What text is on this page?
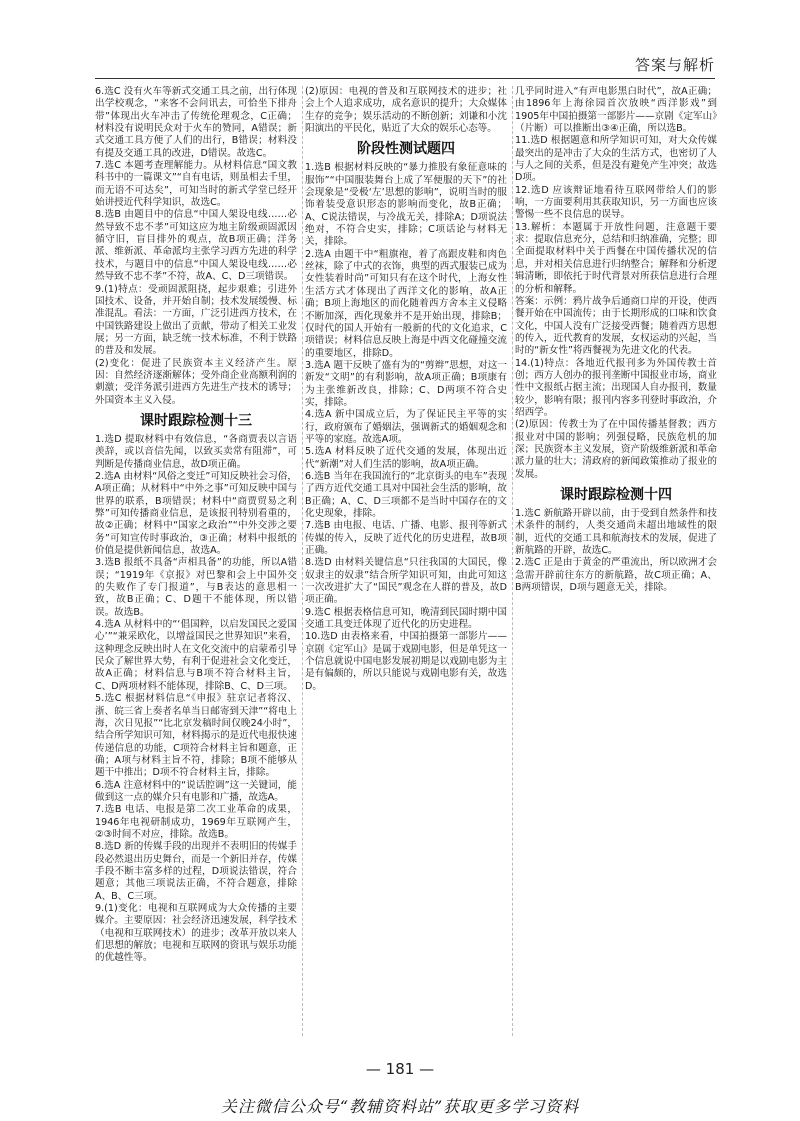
答案与解析

6.选C 没有火车等新式交通工具之前，出行体现出学校观念，“来客不会问讯去，可恰坐下排舟带”体现出火车冲击了传统伦理观念，C正确；材料没有说明民众对于火车的赞同，A错误；新式交通工具方便了人们的出行，B错误；材料没有提及交通工具的改进，D错误。故选C。

7.选C 本题考查理解能力。从材料信息“国文教科书中的一篇课文”“自有电话，则虽相去千里，而无语不可达矣”，可知当时的新式学堂已经开始讲授近代科学知识，故选C。

8.选B 由题目中的信息“中国人架设电线……必然导致不忠不孝”可知这应为地主阶级顽固派因循守旧，盲目排外的观点，故B项正确；洋务派、维新派、革命派均主张学习西方先进的科学技术，与题目中的信息“中国人架设电线……必然导致不忠不孝”不符，故A、C、D三项错误。

9.(1)特点：受顽固派阻挠，起步艰难；引进外国技术、设备，并开始自制；技术发展缓慢、标准混乱。看法：一方面，广泛引进西方技术，在中国铁路建设上做出了贡献，带动了相关工业发展；另一方面，缺乏统一技术标准，不利于铁路的普及和发展。

(2)变化：促进了民族资本主义经济产生。原因：自然经济逐渐解体；受外商企业高额利润的刺激；受洋务派引进西方先进生产技术的诱导；外国资本主义入侵。

课时跟踪检测十三

1.选D 提取材料中有效信息，“各商贾表以言语羡辞，或以音信先闻，以致买卖常有阻滞”，可判断是传播商业信息，故D项正确。

2.选A 由材料“风俗之变迁”可知反映社会习俗，A项正确；从材料中“中外之事”可知反映中国与世界的联系，B项错误；材料中“商贾贸易之利弊”可知传播商业信息，是该报刊特别看重的，故②正确；材料中“国家之政治”“中外交涉之要务”可知宣传时事政治，③正确；材料中报纸的价值是提供新闻信息，故选A。

3.选B 报纸不具备“声相具备”的功能，所以A错误；“1919年《京报》对巴黎和会上中国外交的失败作了专门报道”，与B表达的意思相一致，故B正确；C、D题干不能体现，所以错误。故选B。

4.选A 从材料中的“‘倡国粹，以启发国民之爱国心’”“兼采欧化，以增益国民之世界知识”来看，这种理念反映出时人在文化交流中的启蒙希引导民众了解世界大势，有利于促进社会文化变迁，故A正确；材料信息与B项不符合材料主旨，C、D两项材料不能体现，排除B、C、D三项。

5.选C 根据材料信息“《申报》驻京记者将汉、浙、皖三省上奏者名单当日邮寄到天津”“将电上海，次日见报”“比北京发稿时间仅晚24小时”，结合所学知识可知，材料揭示的是近代电报快速传递信息的功能，C项符合材料主旨和题意，正确；A项与材料主旨不符，排除；B项不能够从题干中推出；D项不符合材料主旨，排除。

6.选A 注意材料中的“说话腔调”这一关键词，能做到这一点的媒介只有电影和广播，故选A。

7.选B 电话、电报是第二次工业革命的成果，1946年电视研制成功，1969年互联网产生，②③时间不对应，排除。故选B。

8.选D 新的传媒手段的出现并不表明旧的传媒手段必然退出历史舞台，而是一个新旧并存，传媒手段不断丰富多样的过程，D项说法错误，符合题意；其他三项说法正确，不符合题意，排除A、B、C三项。

9.(1)变化：电视和互联网成为大众传播的主要媒介。主要原因：社会经济迅速发展，科学技术（电视和互联网技术）的进步；改革开放以来人们思想的解放；电视和互联网的资讯与娱乐功能的优越性等。

(2)原因：电视的普及和互联网技术的进步；社会上个人追求成功，成名意识的提升；大众媒体生存的竞争；娱乐活动的不断创新；刘谦和小沈阳演出的平民化，贴近了大众的娱乐心态等。

阶段性测试题四

1.选B 根据材料反映的“暴力推股有象征意味的服饰”“中国服装舞台上成了军便服的天下”的社会现象是“受极‘左’思想的影响”，说明当时的服饰着装受意识形态的影响而变化，故B正确；A、C说法错误，与冷战无关，排除A；D项说法绝对，不符合史实，排除；C项话论与材料无关，排除。

2.选A 由题干中“粗旗袍，着了高跟皮鞋和肉色丝袜，除了中式的衣饰，典型的西式服装已成为女性装着时尚”可知只有在这个时代，上海女性生活方式才体现出了西洋文化的影响，故A正确；B项上海地区的而化随着西方舍本主义侵略不断加深，西化现象并不是开始出现，排除B；仅时代的国人开始有一般新的代的文化追求，C项错误；材料信息反映上海是中西文化碰撞交流的重要地区，排除D。

3.选A 题干反映了盛有为的“剪辫”思想，对这一新发“文明”的有利影响，故A项正确；B项康有为主张维新改良，排除；C、D两项不符合史实，排除。

4.选A 新中国成立后，为了保证民主平等的实行，政府颁布了婚姻法，强调新式的婚姻观念和平等的家庭。故选A项。

5.选A 材料反映了近代交通的发展，体现出近代“新潮”对人们生活的影响，故A项正确。

6.选B 当年在我国流行的“北京街头的电车”表现了西方近代交通工具对中国社会生活的影响，故B正确；A、C、D三项都不是当时中国存在的文化史现象，排除。

7.选B 由电报、电话、广播、电影、报刊等新式传媒的传入，反映了近代化的历史进程，故B项正确。

8.选D 由材料关键信息“只往我国的大国民，像奴隶主的奴隶”结合所学知识可知，由此可知这一次改进扩大了“国民”观念在人群的普及，故D项正确。

9.选C 根据表格信息可知，晚清到民国时期中国交通工具变迁体现了近代化的历史进程。

10.选D 由表格来看，中国拍摄第一部影片——京剧《定军山》是属于戏剧电影，但是单凭这一个信息就说中国电影发展初期是以戏剧电影为主是有偏颇的，所以只能说与戏剧电影有关，故选D。

几乎同时进入“有声电影黑白时代”，故A正确；由1896年上海徐园首次放映“西洋影戏”到1905年中国拍摄第一部影片——京剧《定军山》（片断）可以推断出③④正确，所以选B。

11.选D 根据题意和所学知识可知，对大众传媒最突出的是冲击了大众的生活方式，也密切了人与人之间的关系，但是没有避免产生冲突；故选D项。

12.选D 应该辩证地看待互联网带给人们的影响，一方面要利用其获取知识，另一方面也应该警惕一些不良信息的误导。

13.解析：本题属于开放性问题，注意题干要求：提取信息充分，总结和归纳准确，完整；即全面提取材料中关于西餐在中国传播状况的信息，并对相关信息进行归纳整合；解释和分析逻辑清晰，即依托于时代背景对所获信息进行合理的分析和解释。

答案：示例：鸦片战争后通商口岸的开设，使西餐开始在中国流传；由于长期形成的口味和饮食文化，中国人没有广泛接受西餐；随着西方思想的传入，近代教育的发展，女权运动的兴起，当时的“新女性”将西餐视为先进文化的代表。

14.(1)特点：各地近代报刊多为外国传教士首创；西方人创办的报刊垄断中国报业市场，商业性中文报纸占据主流；出现国人自办报刊，数量较少，影响有限；报刊内容多刊登时事政治，介绍西学。

(2)原因：传教士为了在中国传播基督教；西方报业对中国的影响；列强侵略，民族危机的加深；民族资本主义发展，资产阶级维新派和革命派力量的壮大；清政府的新闻政策推动了报业的发展。

课时跟踪检测十四

1.选C 新航路开辟以前，由于受到自然条件和技术条件的制约，人类交通尚未超出地域性的限制，近代的交通工具和航海技术的发展，促进了新航路的开辟，故选C。

2.选C 正是由于黄金的严重流出，所以欧洲才会急需开辟前往东方的新航路，故C项正确；A、B两项错误，D项与题意无关，排除。

— 181 —
关注微信公众号“教辅资料站”获取更多学习资料
